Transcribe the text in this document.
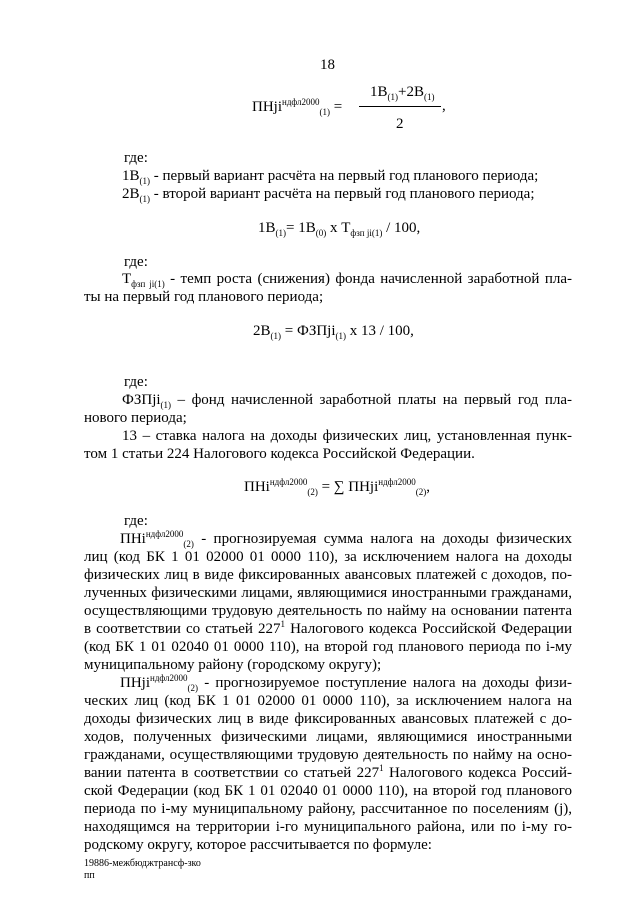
18
ПНji$^{ндфл2000}_{(1)}$ =
$1В_{(1)}+2В_{(1)}$
,
2
где:
$1В_{(1)}$ - первый вариант расчёта на первый год планового периода;
$2В_{(1)}$ - второй вариант расчёта на первый год планового периода;
$1В_{(1)}= 1В_{(0)}$ х $Т_{фзп ji(1)} / 100$,
где:
$Т_{фзп ji(1)}$ - темп роста (снижения) фонда начисленной заработной пла-
ты на первый год планового периода;
$2В_{(1)}$ = ФЗПji$_{(1)}$ х 13 / 100,
где:
ФЗПji$_{(1)}$ – фонд начисленной заработной платы на первый год пла-
нового периода;
13 – ставка налога на доходы физических лиц, установленная пунк-
том 1 статьи 224 Налогового кодекса Российской Федерации.
ПНi$^{ндфл2000}_{(2)}$ = ∑ ПНji$^{ндфл2000}_{(2)}$,
где:
ПНi$^{ндфл2000}_{(2)}$ - прогнозируемая сумма налога на доходы физических
лиц (код БК 1 01 02000 01 0000 110), за исключением налога на доходы
физических лиц в виде фиксированных авансовых платежей с доходов, по-
лученных физическими лицами, являющимися иностранными гражданами,
осуществляющими трудовую деятельность по найму на основании патента
в соответствии со статьей $227^1$ Налогового кодекса Российской Федерации
(код БК 1 01 02040 01 0000 110), на второй год планового периода по i-му
муниципальному району (городскому округу);
ПНji$^{ндфл2000}_{(2)}$ - прогнозируемое поступление налога на доходы физи-
ческих лиц (код БК 1 01 02000 01 0000 110), за исключением налога на
доходы физических лиц в виде фиксированных авансовых платежей с до-
ходов, полученных физическими лицами, являющимися иностранными
гражданами, осуществляющими трудовую деятельность по найму на осно-
вании патента в соответствии со статьей $227^1$ Налогового кодекса Россий-
ской Федерации (код БК 1 01 02040 01 0000 110), на второй год планового
периода по i-му муниципальному району, рассчитанное по поселениям (j),
находящимся на территории i-го муниципального района, или по i-му го-
родскому округу, которое рассчитывается по формуле:
19886-межбюджтрансф-зко
пп
